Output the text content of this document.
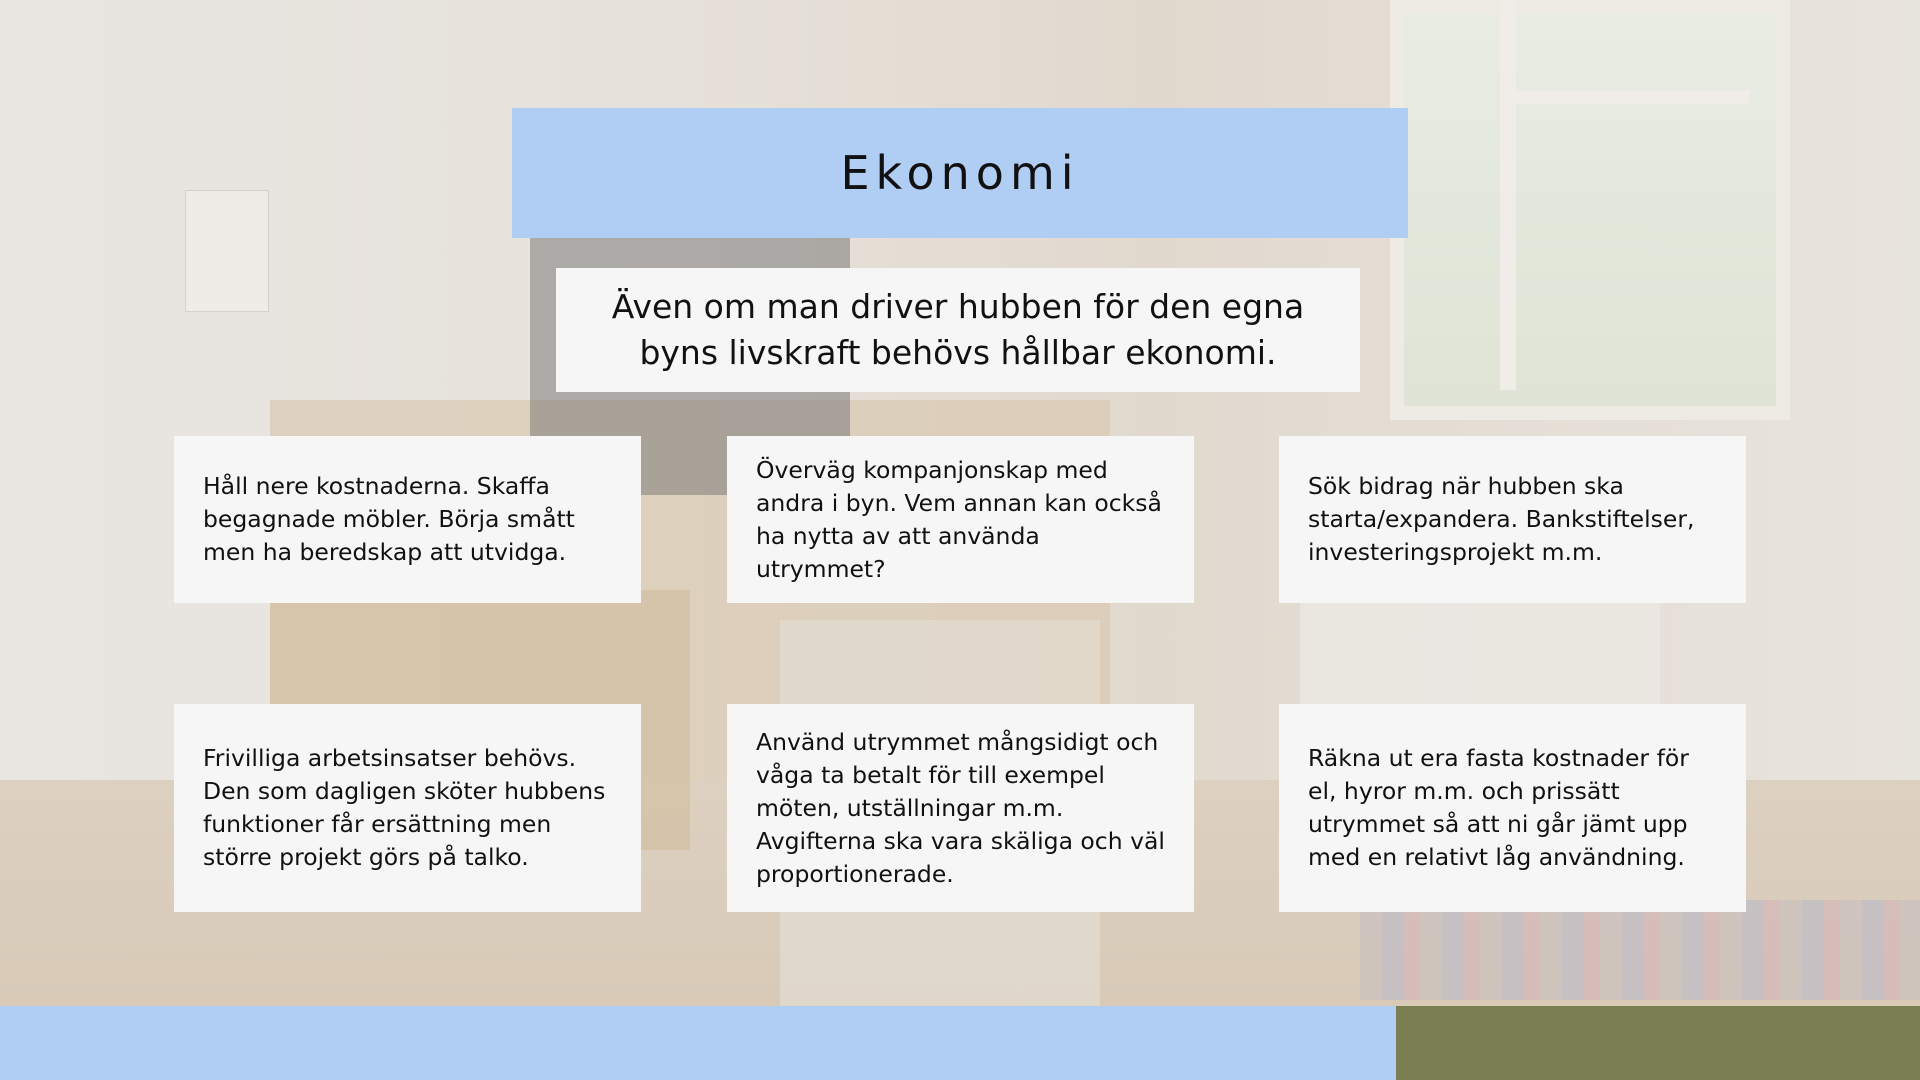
Ekonomi
Även om man driver hubben för den egna byns livskraft behövs hållbar ekonomi.
Håll nere kostnaderna. Skaffa begagnade möbler. Börja smått men ha beredskap att utvidga.
Överväg kompanjonskap med andra i byn. Vem annan kan också ha nytta av att använda utrymmet?
Sök bidrag när hubben ska starta/expandera. Bankstiftelser, investeringsprojekt m.m.
Frivilliga arbetsinsatser behövs. Den som dagligen sköter hubbens funktioner får ersättning men större projekt görs på talko.
Använd utrymmet mångsidigt och våga ta betalt för till exempel möten, utställningar m.m. Avgifterna ska vara skäliga och väl proportionerade.
Räkna ut era fasta kostnader för el, hyror m.m. och prissätt utrymmet så att ni går jämt upp med en relativt låg användning.
